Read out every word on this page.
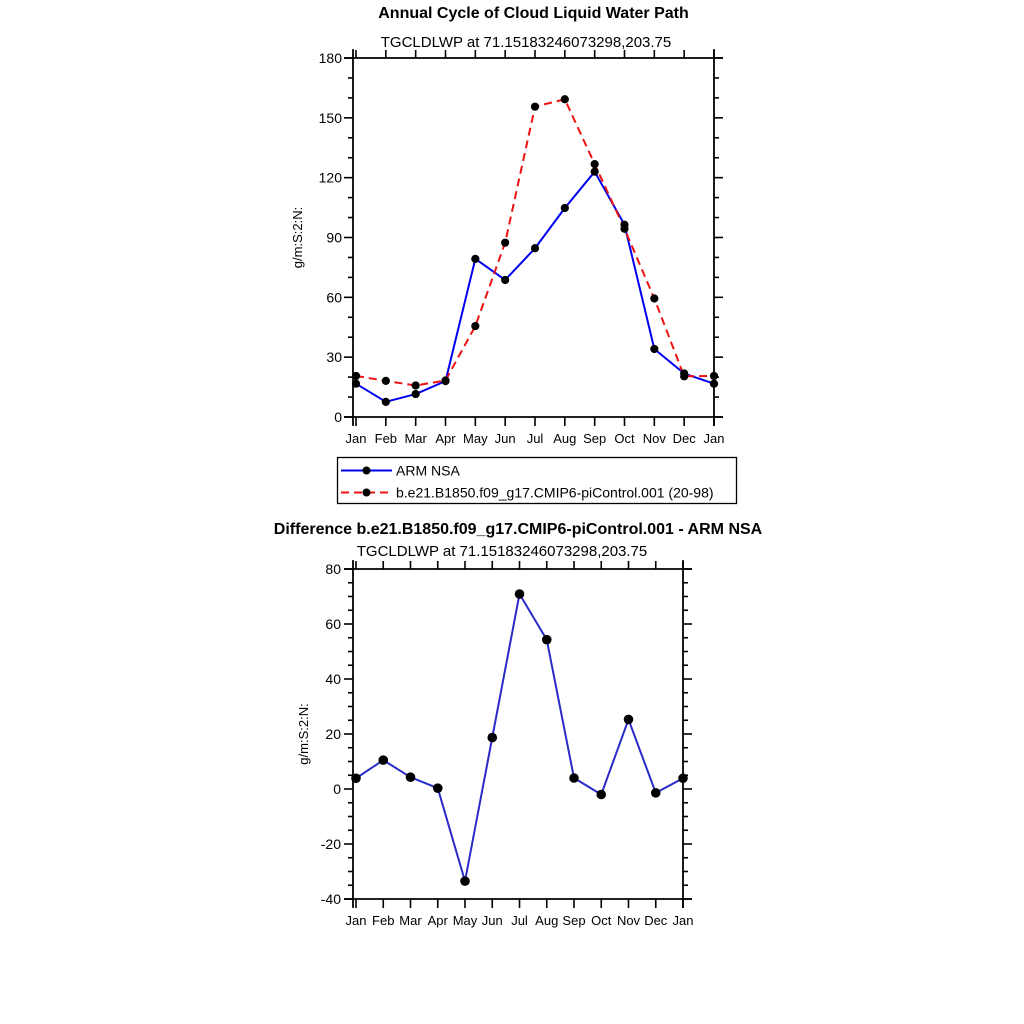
Annual Cycle of Cloud Liquid Water Path
TGCLDLWP at 71.15183246073298,203.75
g/m:S:2:N:
0
30
60
90
120
150
180
Jan Feb Mar Apr May Jun Jul Aug Sep Oct Nov Dec Jan
ARM NSA
b.e21.B1850.f09_g17.CMIP6-piControl.001 (20-98)
Difference b.e21.B1850.f09_g17.CMIP6-piControl.001 - ARM NSA
TGCLDLWP at 71.15183246073298,203.75
g/m:S:2:N:
-40
-20
0
20
40
60
80
Jan Feb Mar Apr May Jun Jul Aug Sep Oct Nov Dec Jan
